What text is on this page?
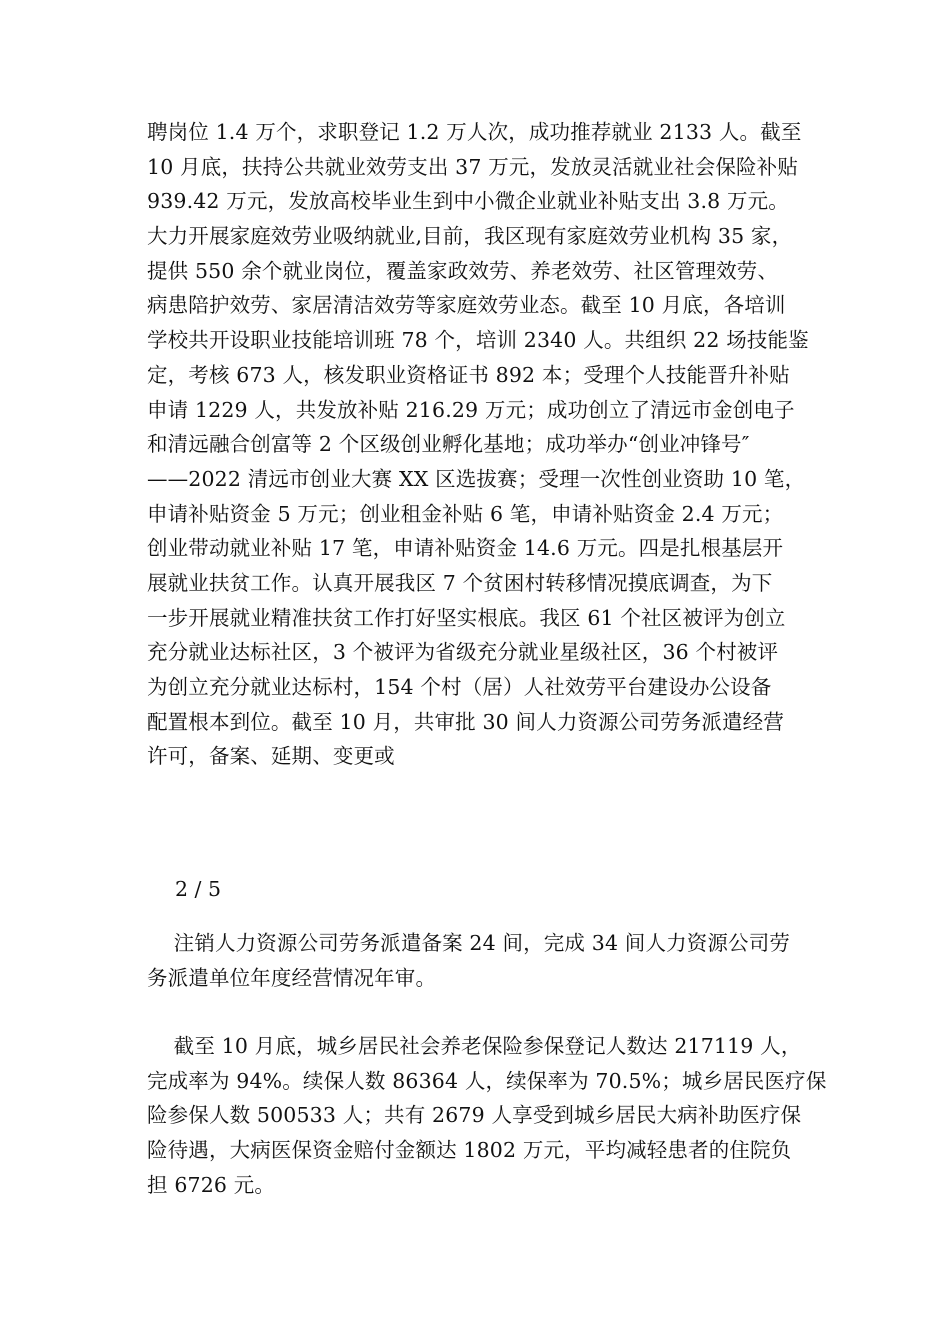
聘岗位 1.4 万个，求职登记 1.2 万人次，成功推荐就业 2133 人。截至
10 月底，扶持公共就业效劳支出 37 万元，发放灵活就业社会保险补贴
939.42 万元，发放高校毕业生到中小微企业就业补贴支出 3.8 万元。
大力开展家庭效劳业吸纳就业,目前，我区现有家庭效劳业机构 35 家，
提供 550 余个就业岗位，覆盖家政效劳、养老效劳、社区管理效劳、
病患陪护效劳、家居清洁效劳等家庭效劳业态。截至 10 月底，各培训
学校共开设职业技能培训班 78 个，培训 2340 人。共组织 22 场技能鉴
定，考核 673 人，核发职业资格证书 892 本；受理个人技能晋升补贴
申请 1229 人，共发放补贴 216.29 万元；成功创立了清远市金创电子
和清远融合创富等 2 个区级创业孵化基地；成功举办“创业冲锋号″
——2022 清远市创业大赛 XX 区选拔赛；受理一次性创业资助 10 笔，
申请补贴资金 5 万元；创业租金补贴 6 笔，申请补贴资金 2.4 万元；
创业带动就业补贴 17 笔，申请补贴资金 14.6 万元。四是扎根基层开
展就业扶贫工作。认真开展我区 7 个贫困村转移情况摸底调查，为下
一步开展就业精准扶贫工作打好坚实根底。我区 61 个社区被评为创立
充分就业达标社区，3 个被评为省级充分就业星级社区，36 个村被评
为创立充分就业达标村，154 个村（居）人社效劳平台建设办公设备
配置根本到位。截至 10 月，共审批 30 间人力资源公司劳务派遣经营
许可，备案、延期、变更或
2 / 5
注销人力资源公司劳务派遣备案 24 间，完成 34 间人力资源公司劳
务派遣单位年度经营情况年审。
截至 10 月底，城乡居民社会养老保险参保登记人数达 217119 人，
完成率为 94%。续保人数 86364 人，续保率为 70.5%；城乡居民医疗保
险参保人数 500533 人；共有 2679 人享受到城乡居民大病补助医疗保
险待遇，大病医保资金赔付金额达 1802 万元，平均减轻患者的住院负
担 6726 元。
